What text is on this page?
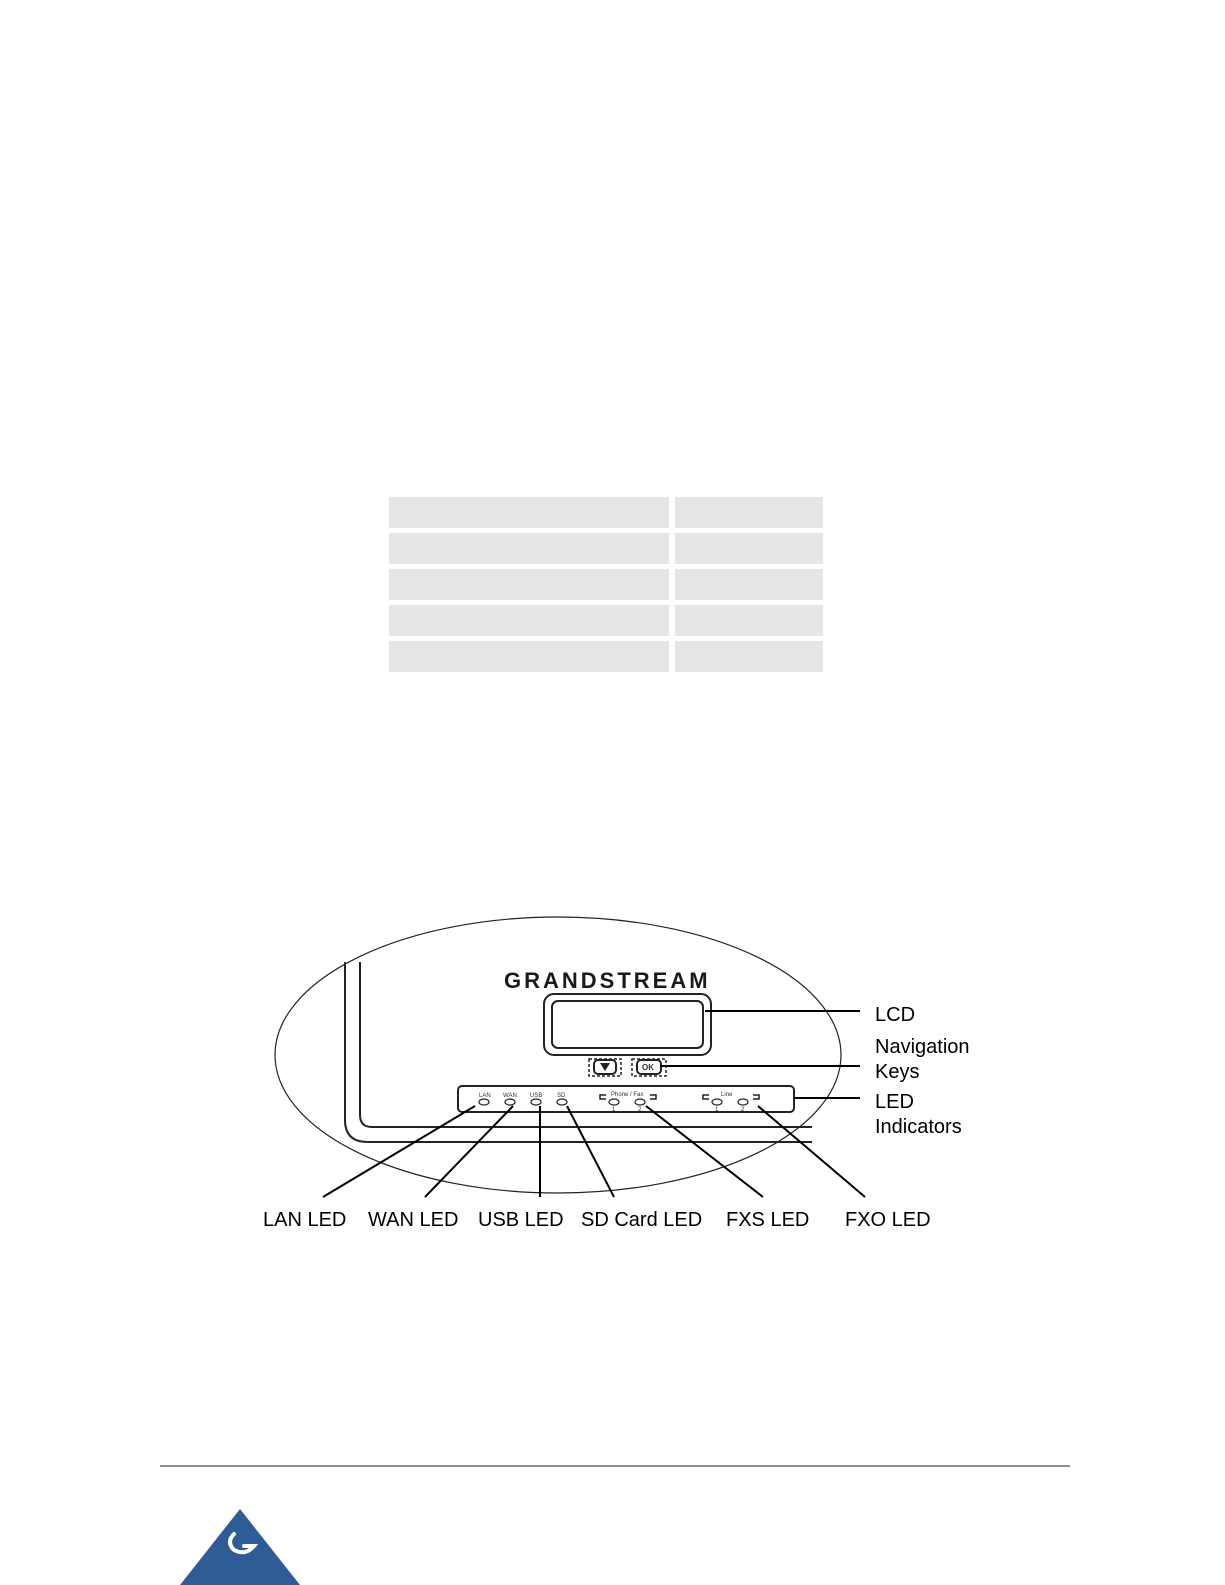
GRANDSTREAM
OK
LAN WAN USB SD	Phone / Fax
1	2
Line
1	2
LCD
Navigation
Keys
LED
Indicators
LAN LED WAN LED USB LED SD Card LED FXS LED FXO LED
